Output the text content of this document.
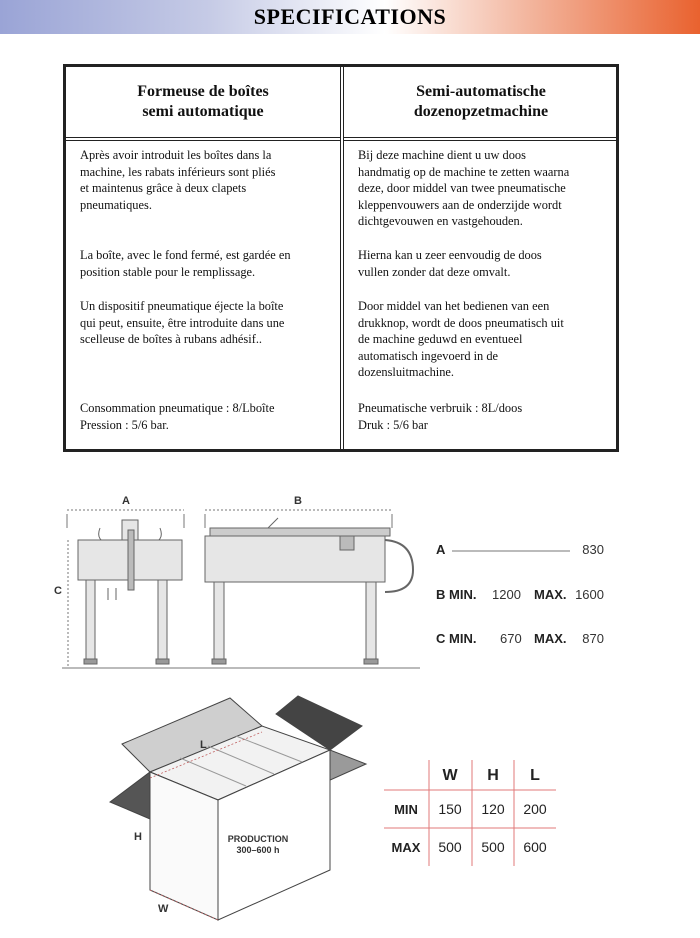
SPECIFICATIONS
Formeuse de boîtes
semi automatique
Après avoir introduit les boîtes dans la
machine, les rabats inférieurs sont pliés
et maintenus grâce à deux clapets
pneumatiques.
La boîte, avec le fond fermé, est gardée en
position stable pour le remplissage.
Un dispositif pneumatique éjecte la boîte
qui peut, ensuite, être introduite dans une
scelleuse de boîtes à rubans adhésif..
Consommation pneumatique : 8/Lboîte
Pression : 5/6 bar.
Semi-automatische
dozenopzetmachine
Bij deze machine dient u uw doos
handmatig op de machine te zetten waarna
deze, door middel van twee pneumatische
kleppenvouwers aan de onderzijde wordt
dichtgevouwen en vastgehouden.
Hierna kan u zeer eenvoudig de doos
vullen zonder dat deze omvalt.
Door middel van het bedienen van een
drukknop, wordt de doos pneumatisch uit
de machine geduwd en eventueel
automatisch ingevoerd in de
dozensluitmachine.
Pneumatische verbruik : 8L/doos
Druk : 5/6 bar
A	B
C
A	830
B MIN. 1200 MAX. 1600
C MIN. 670 MAX. 870
L
H
W
PRODUCTION
300–600 h
W H L
MIN 150 120 200
MAX 500 500 600
